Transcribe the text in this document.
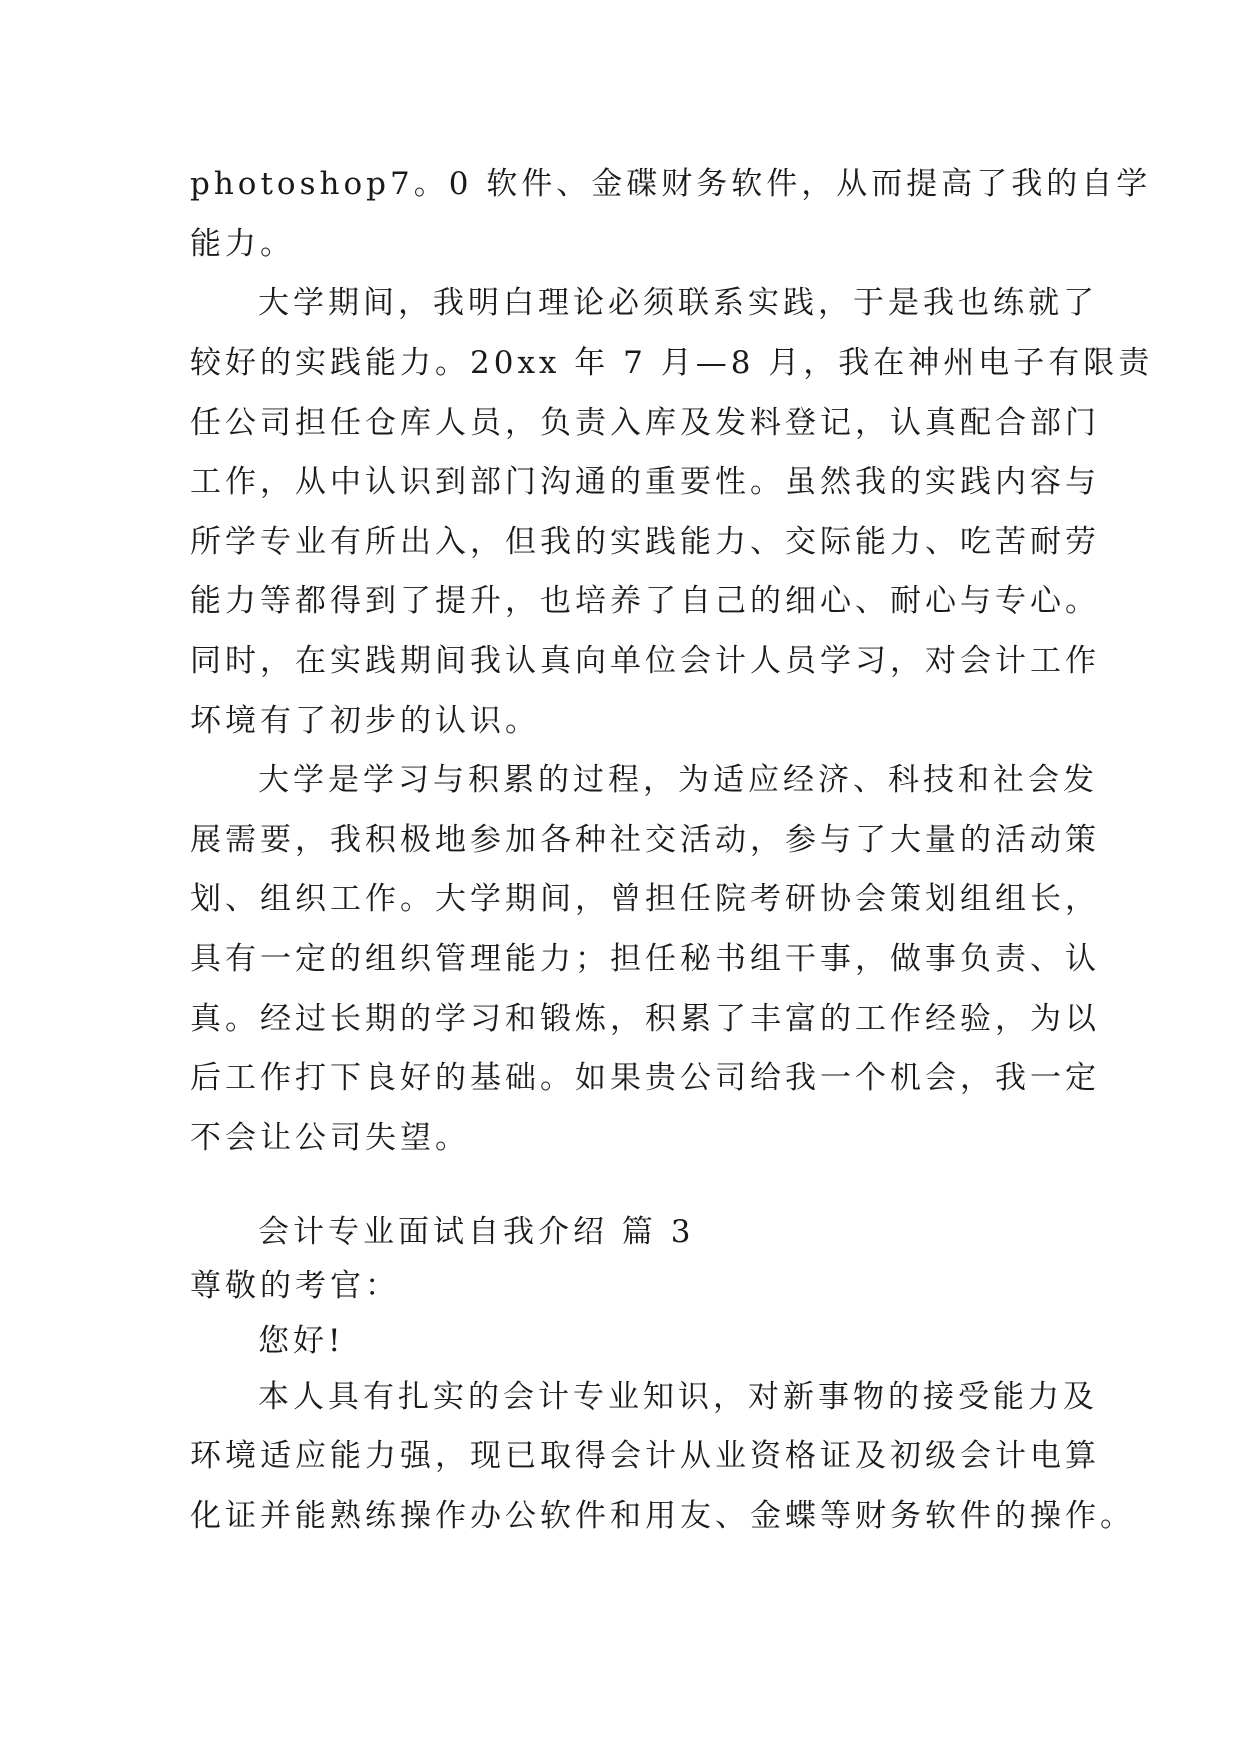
photoshop7。0 软件、金碟财务软件，从而提高了我的自学
能力。
大学期间，我明白理论必须联系实践，于是我也练就了
较好的实践能力。20xx 年 7 月—8 月，我在神州电子有限责
任公司担任仓库人员，负责入库及发料登记，认真配合部门
工作，从中认识到部门沟通的重要性。虽然我的实践内容与
所学专业有所出入，但我的实践能力、交际能力、吃苦耐劳
能力等都得到了提升，也培养了自己的细心、耐心与专心。
同时，在实践期间我认真向单位会计人员学习，对会计工作
坏境有了初步的认识。
大学是学习与积累的过程，为适应经济、科技和社会发
展需要，我积极地参加各种社交活动，参与了大量的活动策
划、组织工作。大学期间，曾担任院考研协会策划组组长，
具有一定的组织管理能力；担任秘书组干事，做事负责、认
真。经过长期的学习和锻炼，积累了丰富的工作经验，为以
后工作打下良好的基础。如果贵公司给我一个机会，我一定
不会让公司失望。
会计专业面试自我介绍 篇 3
尊敬的考官：
您好!
本人具有扎实的会计专业知识，对新事物的接受能力及
环境适应能力强，现已取得会计从业资格证及初级会计电算
化证并能熟练操作办公软件和用友、金蝶等财务软件的操作。
